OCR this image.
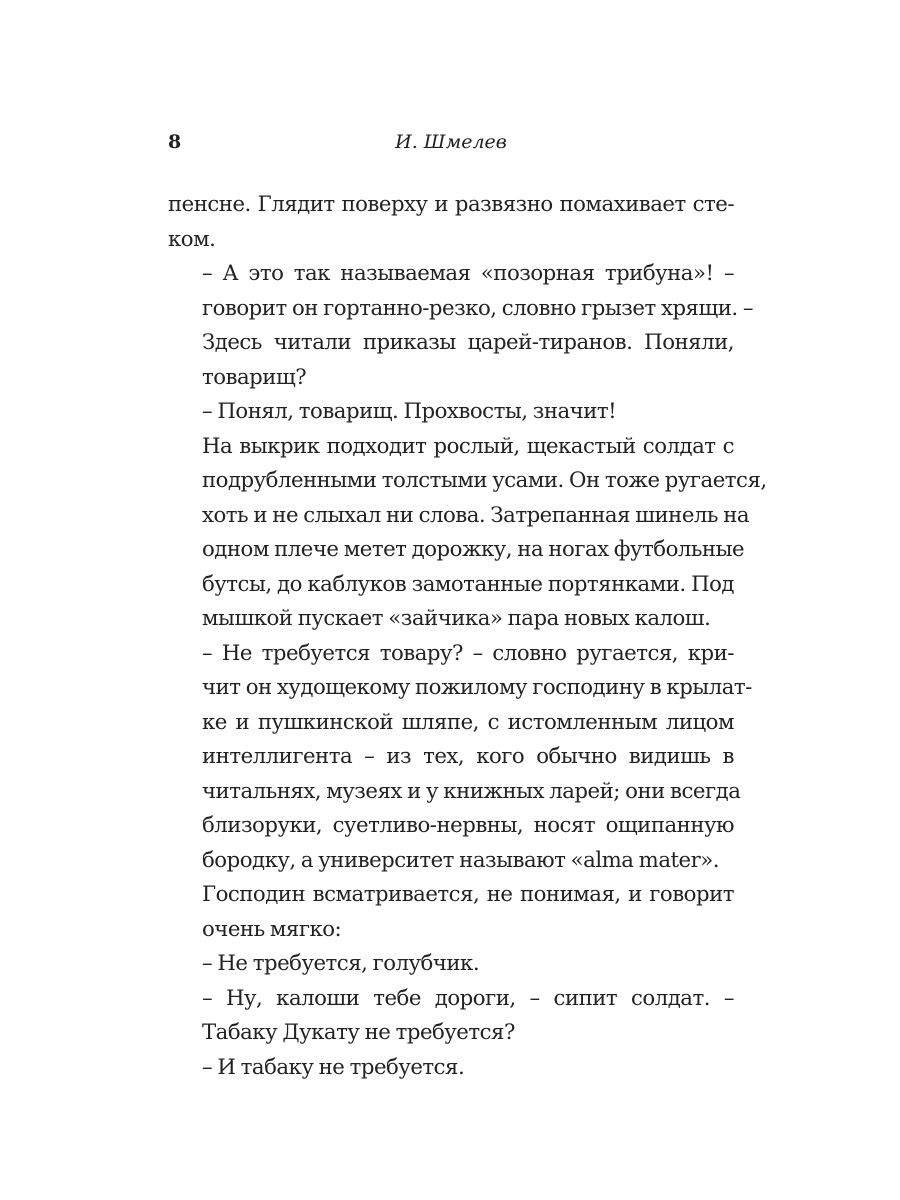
8	И. Шмелев
пенсне. Глядит поверху и развязно помахивает сте-
ком.
– А это так называемая «позорная трибуна»! –
говорит он гортанно-резко, словно грызет хрящи. –
Здесь читали приказы царей-тиранов. Поняли,
товарищ?
– Понял, товарищ. Прохвосты, значит!
На выкрик подходит рослый, щекастый солдат с
подрубленными толстыми усами. Он тоже ругается,
хоть и не слыхал ни слова. Затрепанная шинель на
одном плече метет дорожку, на ногах футбольные
бутсы, до каблуков замотанные портянками. Под
мышкой пускает «зайчика» пара новых калош.
– Не требуется товару? – словно ругается, кри-
чит он худощекому пожилому господину в крылат-
ке и пушкинской шляпе, с истомленным лицом
интеллигента – из тех, кого обычно видишь в
читальнях, музеях и у книжных ларей; они всегда
близоруки, суетливо-нервны, носят ощипанную
бородку, а университет называют «alma mater».
Господин всматривается, не понимая, и говорит
очень мягко:
– Не требуется, голубчик.
– Ну, калоши тебе дороги, – сипит солдат. –
Табаку Дукату не требуется?
– И табаку не требуется.
